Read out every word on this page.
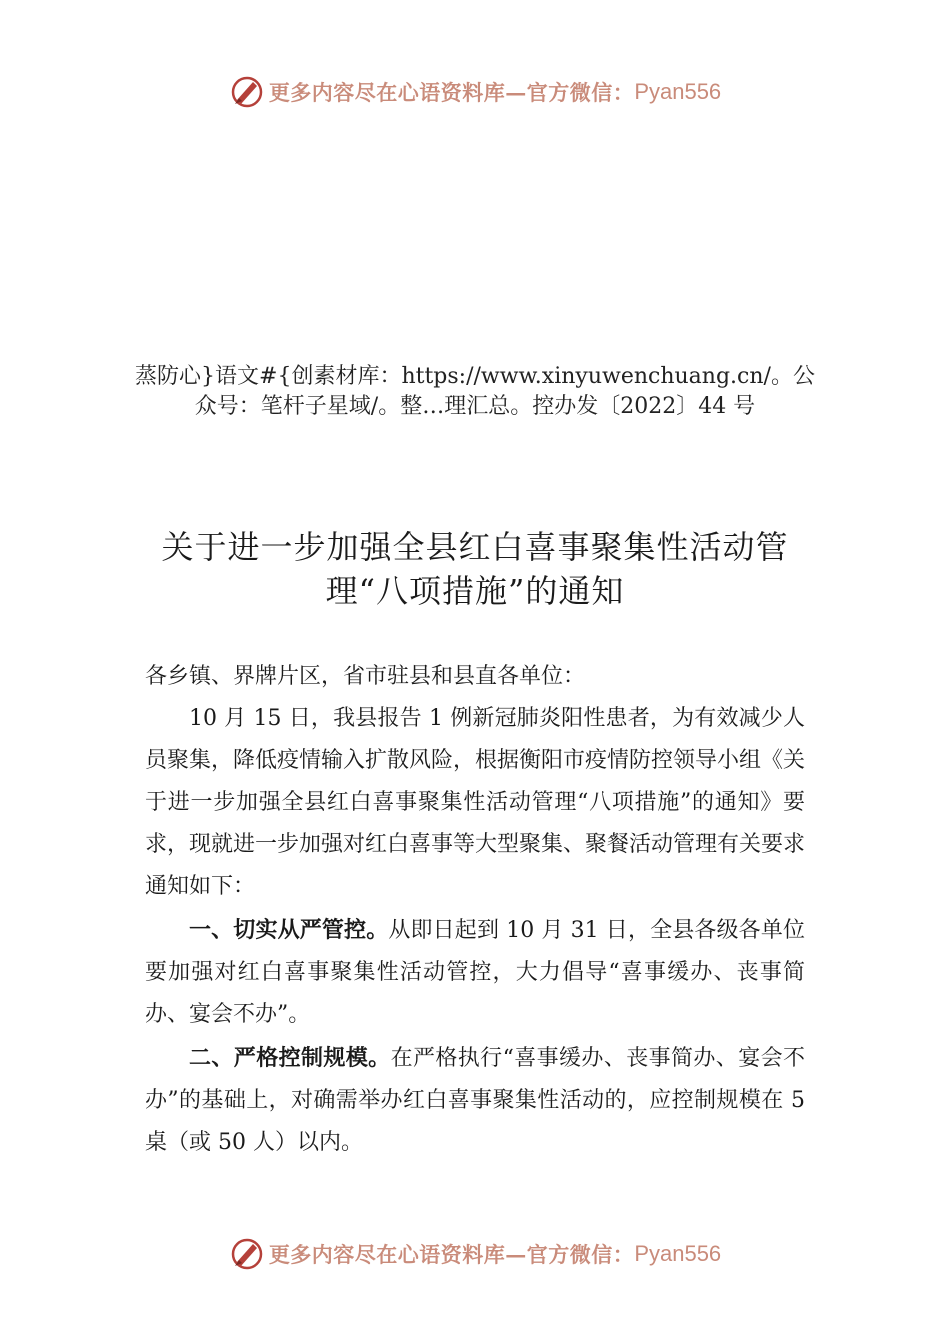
更多内容尽在心语资料库—官方微信： Pyan556
蒸防心}语文#{创素材库：https://www.xinyuwenchuang.cn/。公众号：笔杆子星域/。整…理汇总。控办发〔2022〕44 号
关于进一步加强全县红白喜事聚集性活动管理“八项措施”的通知

各乡镇、界牌片区，省市驻县和县直各单位：

10 月 15 日，我县报告 1 例新冠肺炎阳性患者，为有效减少人员聚集，降低疫情输入扩散风险，根据衡阳市疫情防控领导小组《关于进一步加强全县红白喜事聚集性活动管理“八项措施”的通知》要求，现就进一步加强对红白喜事等大型聚集、聚餐活动管理有关要求通知如下：

一、切实从严管控。从即日起到 10 月 31 日，全县各级各单位要加强对红白喜事聚集性活动管控，大力倡导“喜事缓办、丧事简办、宴会不办”。

二、严格控制规模。在严格执行“喜事缓办、丧事简办、宴会不办”的基础上，对确需举办红白喜事聚集性活动的，应控制规模在 5 桌（或 50 人）以内。

更多内容尽在心语资料库—官方微信： Pyan556
